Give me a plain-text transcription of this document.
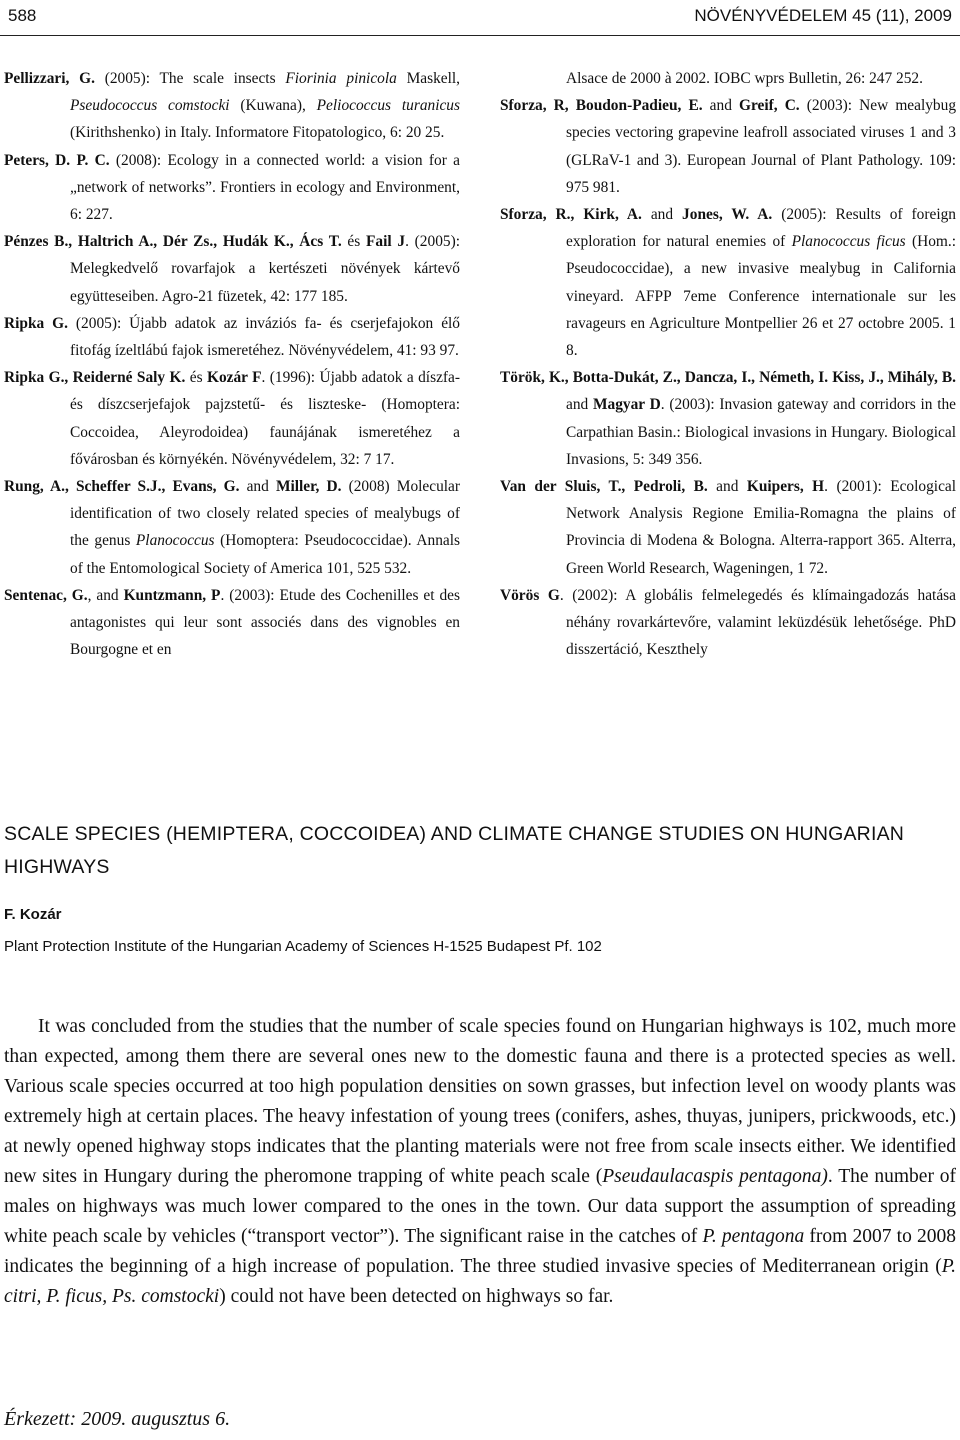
588	NÖVÉNYVÉDELEM 45 (11), 2009

Pellizzari, G. (2005): The scale insects Fiorinia pinicola Maskell, Pseudococcus comstocki (Kuwana), Peliococcus turanicus (Kirithshenko) in Italy. Informatore Fitopatologico, 6: 20 25.

Peters, D. P. C. (2008): Ecology in a connected world: a vision for a „network of networks”. Frontiers in ecology and Environment, 6: 227.

Pénzes B., Haltrich A., Dér Zs., Hudák K., Ács T. és Fail J. (2005): Melegkedvelő rovarfajok a kertészeti növények kártevő együtteseiben. Agro-21 füzetek, 42: 177 185.

Ripka G. (2005): Újabb adatok az inváziós fa- és cserjefajokon élő fitofág ízeltlábú fajok ismeretéhez. Növényvédelem, 41: 93 97.

Ripka G., Reiderné Saly K. és Kozár F. (1996): Újabb adatok a díszfa- és díszcserjefajok pajzstetű- és liszteske- (Homoptera: Coccoidea, Aleyrodoidea) faunájának ismeretéhez a fővárosban és környékén. Növényvédelem, 32: 7 17.

Rung, A., Scheffer S.J., Evans, G. and Miller, D. (2008) Molecular identification of two closely related species of mealybugs of the genus Planococcus (Homoptera: Pseudococcidae). Annals of the Entomological Society of America 101, 525 532.

Sentenac, G., and Kuntzmann, P. (2003): Etude des Cochenilles et des antagonistes qui leur sont associés dans des vignobles en Bourgogne et en

Alsace de 2000 à 2002. IOBC wprs Bulletin, 26: 247 252.

Sforza, R, Boudon-Padieu, E. and Greif, C. (2003): New mealybug species vectoring grapevine leafroll associated viruses 1 and 3 (GLRaV-1 and 3). European Journal of Plant Pathology. 109: 975 981.

Sforza, R., Kirk, A. and Jones, W. A. (2005): Results of foreign exploration for natural enemies of Planococcus ficus (Hom.: Pseudococcidae), a new invasive mealybug in California vineyard. AFPP 7eme Conference internationale sur les ravageurs en Agriculture Montpellier 26 et 27 octobre 2005. 1 8.

Török, K., Botta-Dukát, Z., Dancza, I., Németh, I. Kiss, J., Mihály, B. and Magyar D. (2003): Invasion gateway and corridors in the Carpathian Basin.: Biological invasions in Hungary. Biological Invasions, 5: 349 356.

Van der Sluis, T., Pedroli, B. and Kuipers, H. (2001): Ecological Network Analysis Regione Emilia-Romagna the plains of Provincia di Modena & Bologna. Alterra-rapport 365. Alterra, Green World Research, Wageningen, 1 72.

Vörös G. (2002): A globális felmelegedés és klímaingadozás hatása néhány rovarkártevőre, valamint leküzdésük lehetősége. PhD disszertáció, Keszthely

SCALE SPECIES (HEMIPTERA, COCCOIDEA) AND CLIMATE CHANGE STUDIES ON HUNGARIAN HIGHWAYS
F. Kozár
Plant Protection Institute of the Hungarian Academy of Sciences H-1525 Budapest Pf. 102

It was concluded from the studies that the number of scale species found on Hungarian highways is 102, much more than expected, among them there are several ones new to the domestic fauna and there is a protected species as well. Various scale species occurred at too high population densities on sown grasses, but infection level on woody plants was extremely high at certain places. The heavy infestation of young trees (conifers, ashes, thuyas, junipers, prickwoods, etc.) at newly opened highway stops indicates that the planting materials were not free from scale insects either. We identified new sites in Hungary during the pheromone trapping of white peach scale (Pseudaulacaspis pentagona). The number of males on highways was much lower compared to the ones in the town. Our data support the assumption of spreading white peach scale by vehicles (“transport vector”). The significant raise in the catches of P. pentagona from 2007 to 2008 indicates the beginning of a high increase of population. The three studied invasive species of Mediterranean origin (P. citri, P. ficus, Ps. comstocki) could not have been detected on highways so far.

Érkezett: 2009. augusztus 6.
